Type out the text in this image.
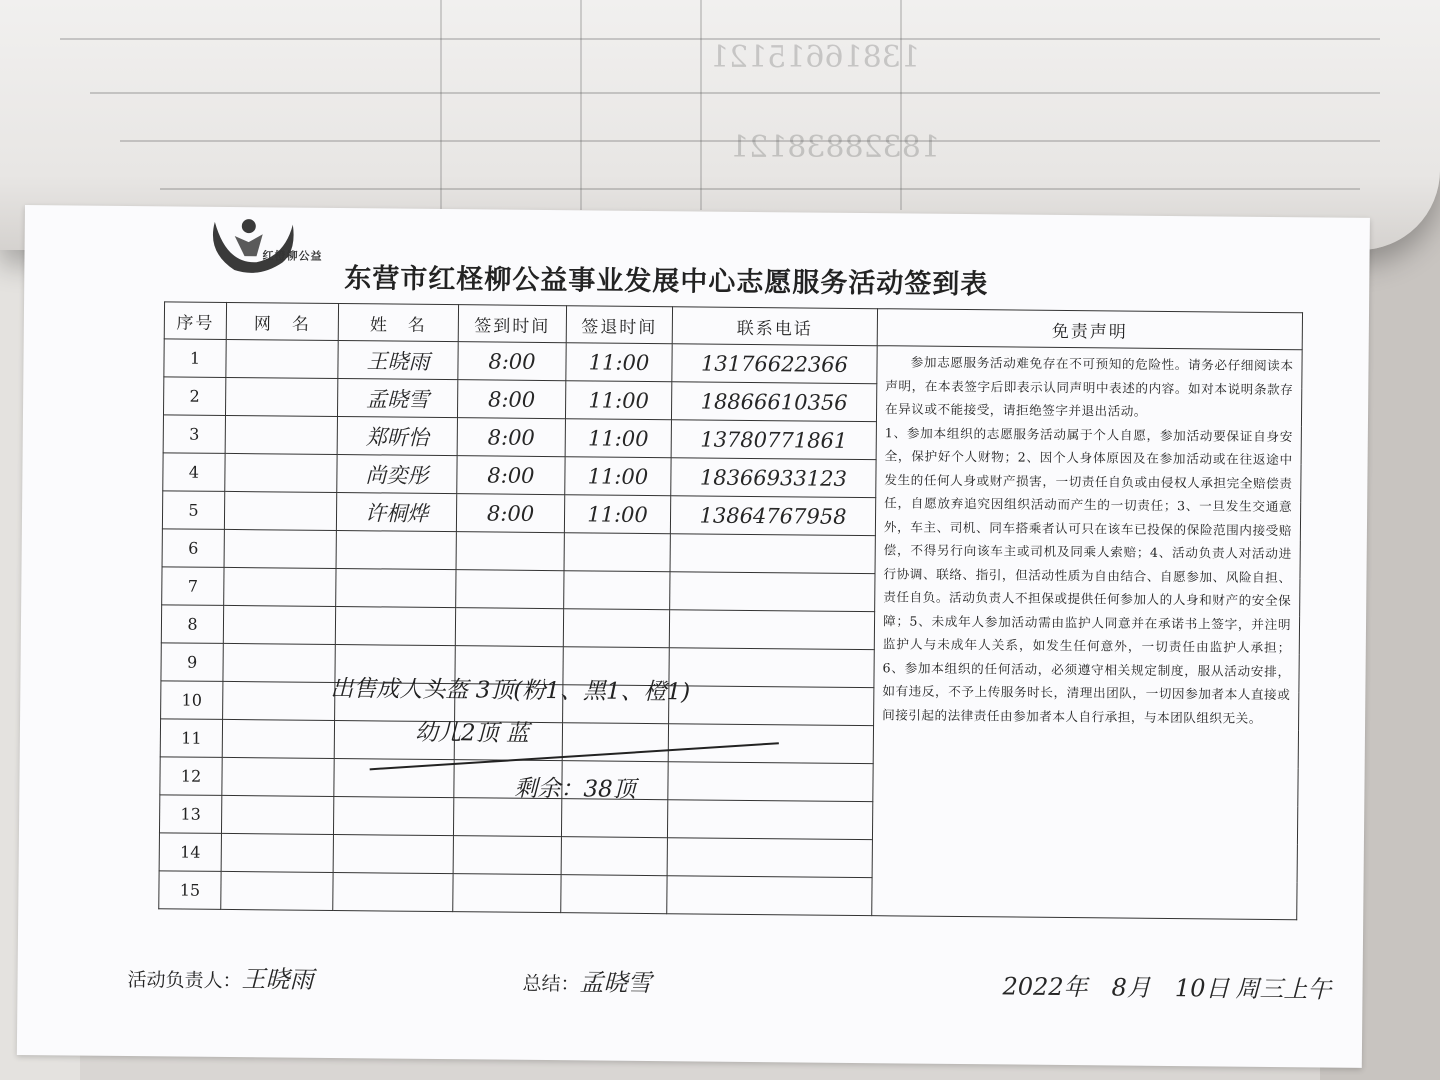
13816615121
18328838121
红橙柳公益
东营市红柽柳公益事业发展中心志愿服务活动签到表
序号	网　名	姓　名	签到时间	签退时间	联系电话	免责声明
1		王晓雨	8:00	11:00	13176622366	参加志愿服务活动难免存在不可预知的危险性。请务必仔细阅读本声明，在本表签字后即表示认同声明中表述的内容。如对本说明条款存在异议或不能接受，请拒绝签字并退出活动。

1、参加本组织的志愿服务活动属于个人自愿，参加活动要保证自身安全，保护好个人财物；2、因个人身体原因及在参加活动或在往返途中发生的任何人身或财产损害，一切责任自负或由侵权人承担完全赔偿责任，自愿放弃追究因组织活动而产生的一切责任；3、一旦发生交通意外，车主、司机、同车搭乘者认可只在该车已投保的保险范围内接受赔偿，不得另行向该车主或司机及同乘人索赔；4、活动负责人对活动进行协调、联络、指引，但活动性质为自由结合、自愿参加、风险自担、责任自负。活动负责人不担保或提供任何参加人的人身和财产的安全保障；5、未成年人参加活动需由监护人同意并在承诺书上签字，并注明监护人与未成年人关系，如发生任何意外，一切责任由监护人承担；6、参加本组织的任何活动，必须遵守相关规定制度，服从活动安排，如有违反，不予上传服务时长，清理出团队，一切因参加者本人直接或间接引起的法律责任由参加者本人自行承担，与本团队组织无关。

2		孟晓雪	8:00	11:00	18866610356	

3		郑昕怡	8:00	11:00	13780771861	

4		尚奕彤	8:00	11:00	18366933123	

5		许桐烨	8:00	11:00	13864767958	

6						
7						
8						
9						
10						
11						
12						
13						
14						
15						
出售成人头盔 3顶(粉1、黑1、橙1)
幼儿2顶 蓝
剩余：38顶
活动负责人：王晓雨	总结：孟晓雪	2022年　8月　10日 周三上午
